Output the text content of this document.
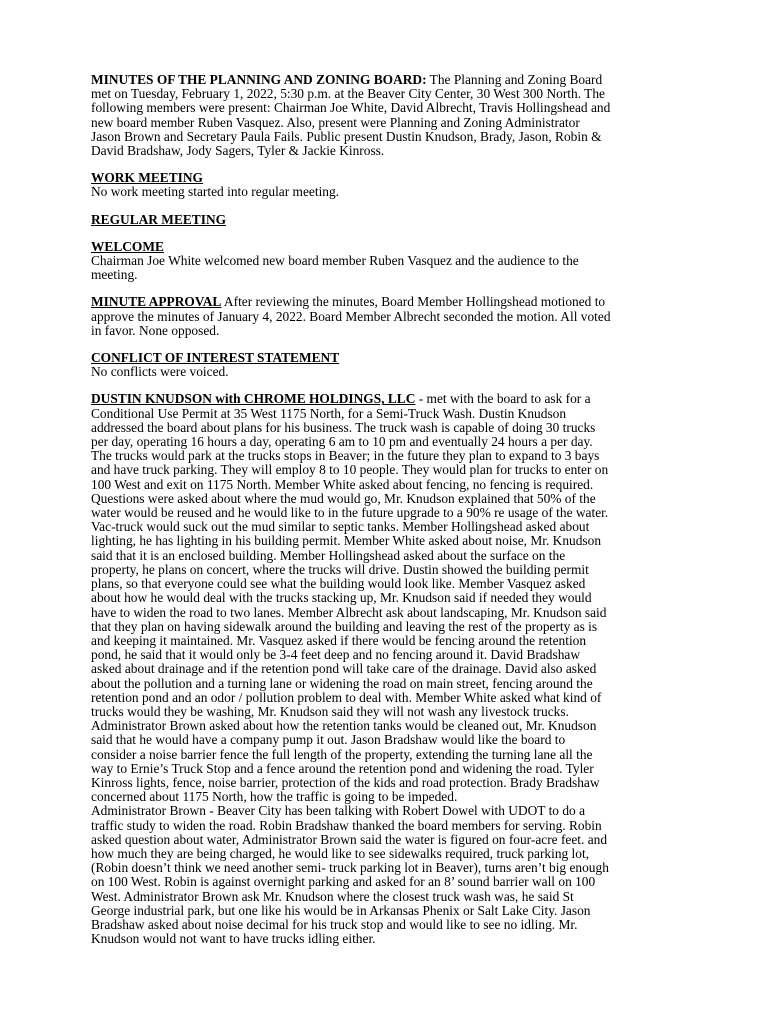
MINUTES OF THE PLANNING AND ZONING BOARD: The Planning and Zoning Board
met on Tuesday, February 1, 2022, 5:30 p.m. at the Beaver City Center, 30 West 300 North. The
following members were present: Chairman Joe White, David Albrecht, Travis Hollingshead and
new board member Ruben Vasquez. Also, present were Planning and Zoning Administrator
Jason Brown and Secretary Paula Fails. Public present Dustin Knudson, Brady, Jason, Robin &
David Bradshaw, Jody Sagers, Tyler & Jackie Kinross.
WORK MEETING
No work meeting started into regular meeting.
REGULAR MEETING
WELCOME
Chairman Joe White welcomed new board member Ruben Vasquez and the audience to the
meeting.
MINUTE APPROVAL After reviewing the minutes, Board Member Hollingshead motioned to
approve the minutes of January 4, 2022. Board Member Albrecht seconded the motion. All voted
in favor. None opposed.
CONFLICT OF INTEREST STATEMENT
No conflicts were voiced.
DUSTIN KNUDSON with CHROME HOLDINGS, LLC - met with the board to ask for a
Conditional Use Permit at 35 West 1175 North, for a Semi-Truck Wash. Dustin Knudson
addressed the board about plans for his business. The truck wash is capable of doing 30 trucks
per day, operating 16 hours a day, operating 6 am to 10 pm and eventually 24 hours a per day.
The trucks would park at the trucks stops in Beaver; in the future they plan to expand to 3 bays
and have truck parking. They will employ 8 to 10 people. They would plan for trucks to enter on
100 West and exit on 1175 North. Member White asked about fencing, no fencing is required.
Questions were asked about where the mud would go, Mr. Knudson explained that 50% of the
water would be reused and he would like to in the future upgrade to a 90% re usage of the water.
Vac-truck would suck out the mud similar to septic tanks. Member Hollingshead asked about
lighting, he has lighting in his building permit. Member White asked about noise, Mr. Knudson
said that it is an enclosed building. Member Hollingshead asked about the surface on the
property, he plans on concert, where the trucks will drive. Dustin showed the building permit
plans, so that everyone could see what the building would look like. Member Vasquez asked
about how he would deal with the trucks stacking up, Mr. Knudson said if needed they would
have to widen the road to two lanes. Member Albrecht ask about landscaping, Mr. Knudson said
that they plan on having sidewalk around the building and leaving the rest of the property as is
and keeping it maintained. Mr. Vasquez asked if there would be fencing around the retention
pond, he said that it would only be 3-4 feet deep and no fencing around it. David Bradshaw
asked about drainage and if the retention pond will take care of the drainage. David also asked
about the pollution and a turning lane or widening the road on main street, fencing around the
retention pond and an odor / pollution problem to deal with. Member White asked what kind of
trucks would they be washing, Mr. Knudson said they will not wash any livestock trucks.
Administrator Brown asked about how the retention tanks would be cleaned out, Mr. Knudson
said that he would have a company pump it out. Jason Bradshaw would like the board to
consider a noise barrier fence the full length of the property, extending the turning lane all the
way to Ernie’s Truck Stop and a fence around the retention pond and widening the road. Tyler
Kinross lights, fence, noise barrier, protection of the kids and road protection. Brady Bradshaw
concerned about 1175 North, how the traffic is going to be impeded.
Administrator Brown - Beaver City has been talking with Robert Dowel with UDOT to do a
traffic study to widen the road. Robin Bradshaw thanked the board members for serving. Robin
asked question about water, Administrator Brown said the water is figured on four-acre feet. and
how much they are being charged, he would like to see sidewalks required, truck parking lot,
(Robin doesn’t think we need another semi- truck parking lot in Beaver), turns aren’t big enough
on 100 West. Robin is against overnight parking and asked for an 8’ sound barrier wall on 100
West. Administrator Brown ask Mr. Knudson where the closest truck wash was, he said St
George industrial park, but one like his would be in Arkansas Phenix or Salt Lake City. Jason
Bradshaw asked about noise decimal for his truck stop and would like to see no idling. Mr.
Knudson would not want to have trucks idling either.
